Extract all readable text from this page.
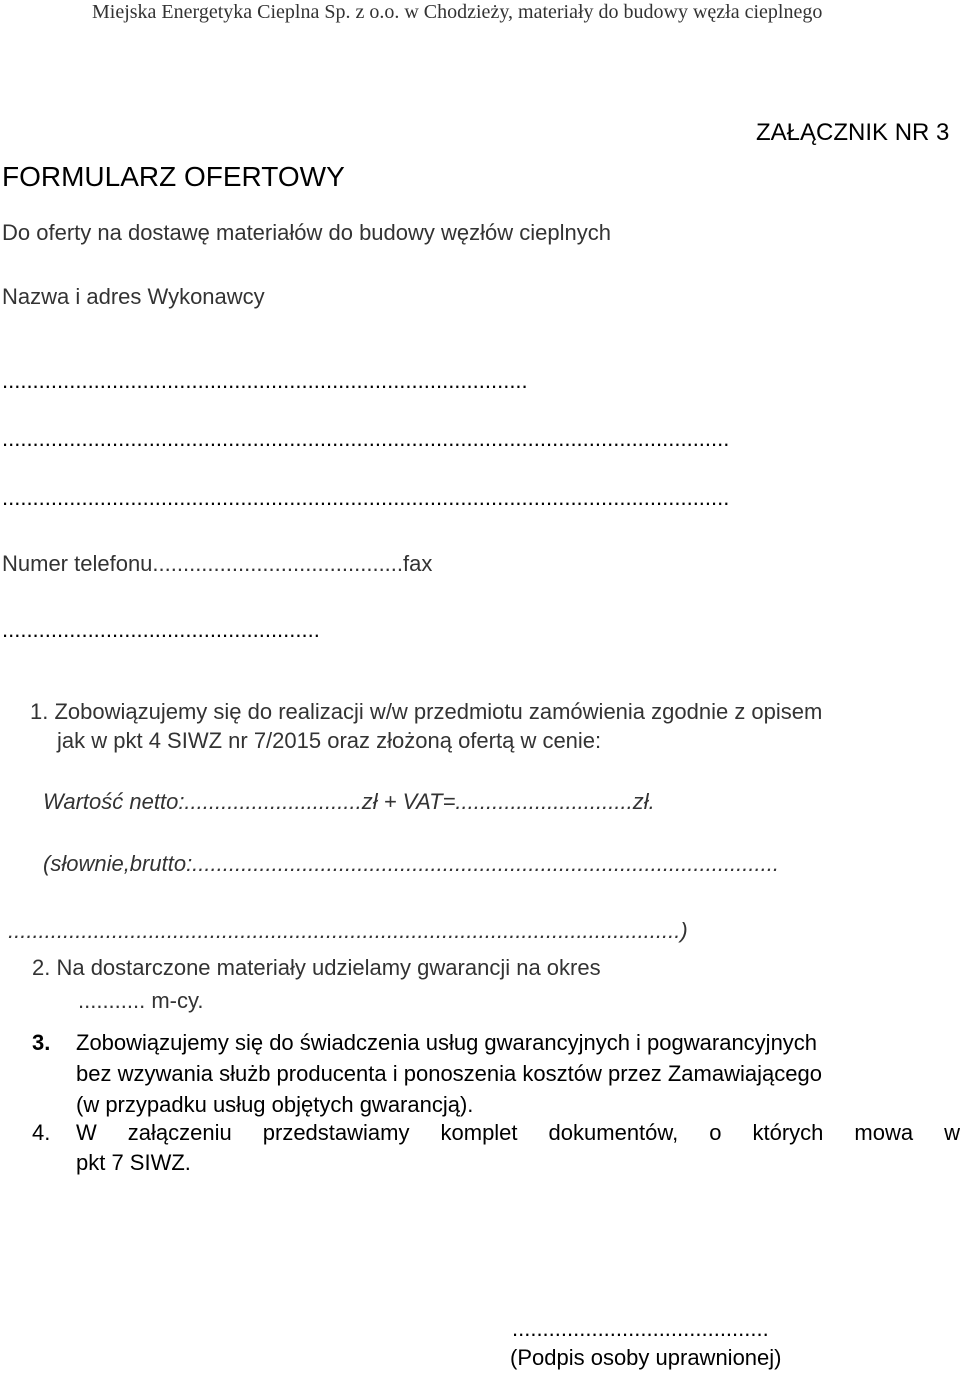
Miejska Energetyka Cieplna Sp. z o.o. w Chodzieży, materiały do budowy węzła cieplnego
ZAŁĄCZNIK NR 3
FORMULARZ OFERTOWY
Do oferty na dostawę materiałów do budowy węzłów cieplnych
Nazwa i adres Wykonawcy
......................................................................................
.......................................................................................................................
.......................................................................................................................
Numer telefonu.........................................fax
....................................................
1. Zobowiązujemy się do realizacji w/w przedmiotu zamówienia zgodnie z opisem
jak w pkt 4 SIWZ nr 7/2015 oraz złożoną ofertą w cenie:
Wartość netto:.............................zł + VAT=.............................zł.
(słownie,brutto:................................................................................................
..............................................................................................................)
2. Na dostarczone materiały udzielamy gwarancji na okres
........... m-cy.
3. Zobowiązujemy się do świadczenia usług gwarancyjnych i pogwarancyjnych
bez wzywania służb producenta i ponoszenia kosztów przez Zamawiającego
(w przypadku usług objętych gwarancją).
4. W załączeniu przedstawiamy komplet dokumentów, o których mowa w
pkt 7 SIWZ.
..........................................
(Podpis osoby uprawnionej)
